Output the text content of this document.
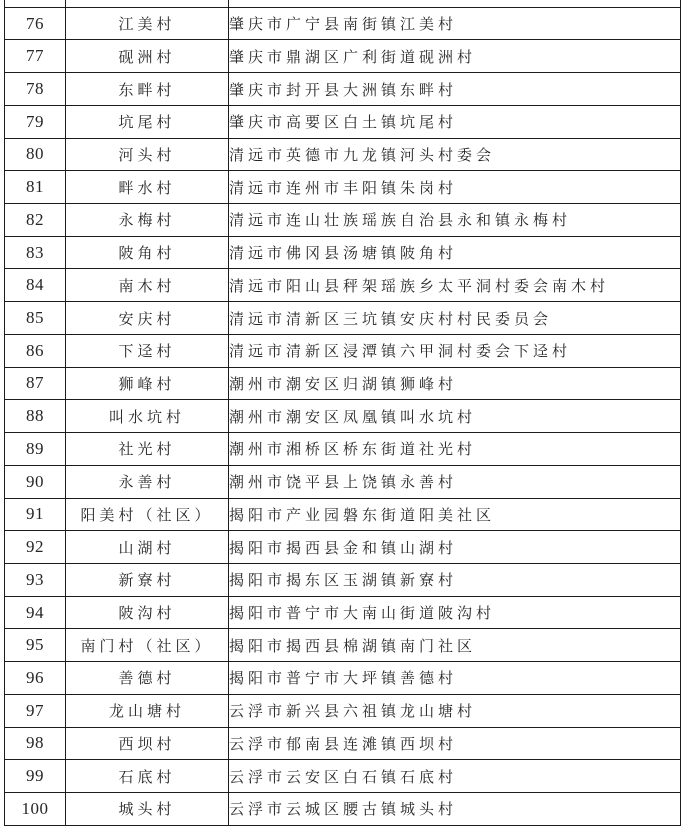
76	江美村	肇庆市广宁县南街镇江美村
77	砚洲村	肇庆市鼎湖区广利街道砚洲村
78	东畔村	肇庆市封开县大洲镇东畔村
79	坑尾村	肇庆市高要区白土镇坑尾村
80	河头村	清远市英德市九龙镇河头村委会
81	畔水村	清远市连州市丰阳镇朱岗村
82	永梅村	清远市连山壮族瑶族自治县永和镇永梅村
83	陂角村	清远市佛冈县汤塘镇陂角村
84	南木村	清远市阳山县秤架瑶族乡太平洞村委会南木村
85	安庆村	清远市清新区三坑镇安庆村村民委员会
86	下迳村	清远市清新区浸潭镇六甲洞村委会下迳村
87	狮峰村	潮州市潮安区归湖镇狮峰村
88	叫水坑村	潮州市潮安区凤凰镇叫水坑村
89	社光村	潮州市湘桥区桥东街道社光村
90	永善村	潮州市饶平县上饶镇永善村
91	阳美村（社区）	揭阳市产业园磐东街道阳美社区
92	山湖村	揭阳市揭西县金和镇山湖村
93	新寮村	揭阳市揭东区玉湖镇新寮村
94	陂沟村	揭阳市普宁市大南山街道陂沟村
95	南门村（社区）	揭阳市揭西县棉湖镇南门社区
96	善德村	揭阳市普宁市大坪镇善德村
97	龙山塘村	云浮市新兴县六祖镇龙山塘村
98	西坝村	云浮市郁南县连滩镇西坝村
99	石底村	云浮市云安区白石镇石底村
100	城头村	云浮市云城区腰古镇城头村
